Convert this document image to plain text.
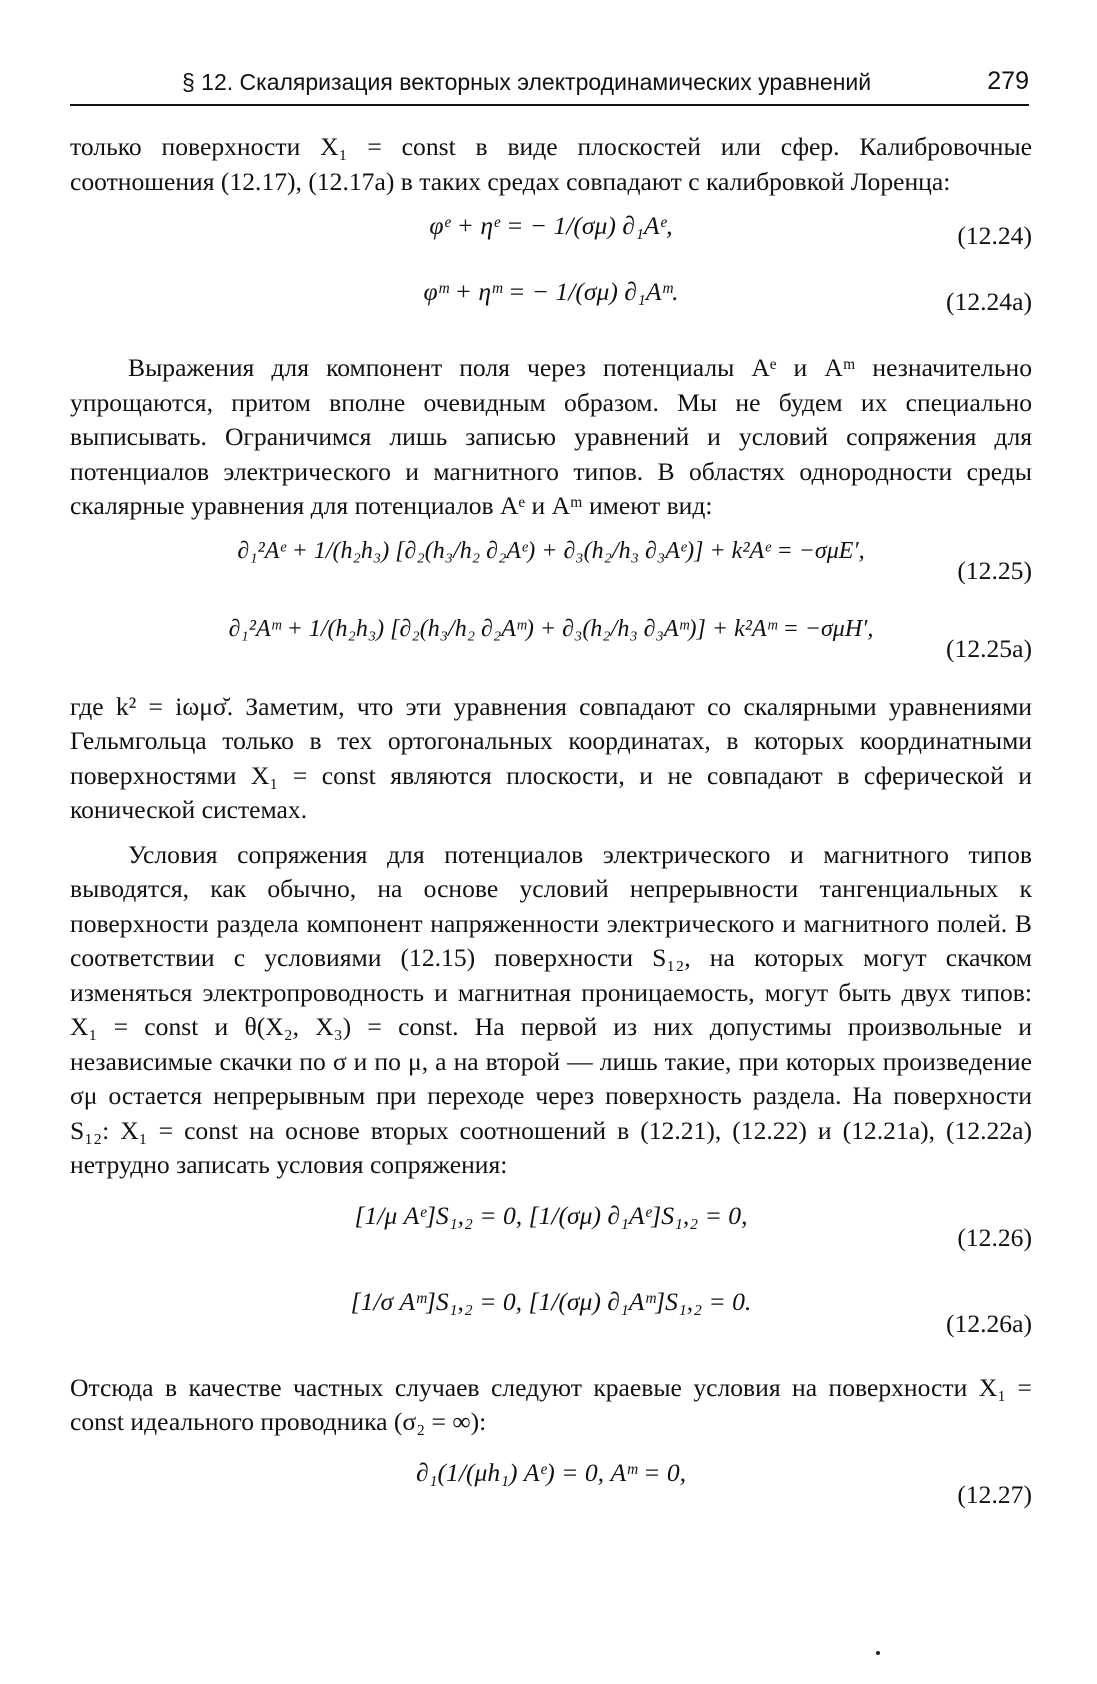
§ 12. Скаляризация векторных электродинамических уравнений	279

только поверхности X₁ = const в виде плоскостей или сфер. Калибровочные соотношения (12.17), (12.17а) в таких средах совпадают с калибровкой Лоренца:

φᵉ + ηᵉ = − 1/(σμ) ∂₁Aᵉ,	(12.24)
φᵐ + ηᵐ = − 1/(σμ) ∂₁Aᵐ.	(12.24а)

Выражения для компонент поля через потенциалы Aᵉ и Aᵐ незначительно упрощаются, притом вполне очевидным образом. Мы не будем их специально выписывать. Ограничимся лишь записью уравнений и условий сопряжения для потенциалов электрического и магнитного типов. В областях однородности среды скалярные уравнения для потенциалов Aᵉ и Aᵐ имеют вид:

∂₁²Aᵉ + 1/(h₂h₃) [∂₂(h₃/h₂ ∂₂Aᵉ) + ∂₃(h₂/h₃ ∂₃Aᵉ)] + k²Aᵉ = −σμE′,
(12.25)
∂₁²Aᵐ + 1/(h₂h₃) [∂₂(h₃/h₂ ∂₂Aᵐ) + ∂₃(h₂/h₃ ∂₃Aᵐ)] + k²Aᵐ = −σμH′,
(12.25а)

где k² = iωμσ̆. Заметим, что эти уравнения совпадают со скалярными уравнениями Гельмгольца только в тех ортогональных координатах, в которых координатными поверхностями X₁ = const являются плоскости, и не совпадают в сферической и конической системах.

Условия сопряжения для потенциалов электрического и магнитного типов выводятся, как обычно, на основе условий непрерывности тангенциальных к поверхности раздела компонент напряженности электрического и магнитного полей. В соответствии с условиями (12.15) поверхности S₁₂, на которых могут скачком изменяться электропроводность и магнитная проницаемость, могут быть двух типов: X₁ = const и θ(X₂, X₃) = const. На первой из них допустимы произвольные и независимые скачки по σ и по μ, а на второй — лишь такие, при которых произведение σμ остается непрерывным при переходе через поверхность раздела. На поверхности S₁₂: X₁ = const на основе вторых соотношений в (12.21), (12.22) и (12.21а), (12.22а) нетрудно записать условия сопряжения:

[1/μ Aᵉ]S₁,₂ = 0, [1/(σμ) ∂₁Aᵉ]S₁,₂ = 0,
(12.26)
[1/σ Aᵐ]S₁,₂ = 0, [1/(σμ) ∂₁Aᵐ]S₁,₂ = 0.
(12.26а)

Отсюда в качестве частных случаев следуют краевые условия на поверхности X₁ = const идеального проводника (σ₂ = ∞):

∂₁(1/(μh₁) Aᵉ) = 0, Aᵐ = 0,
(12.27)
